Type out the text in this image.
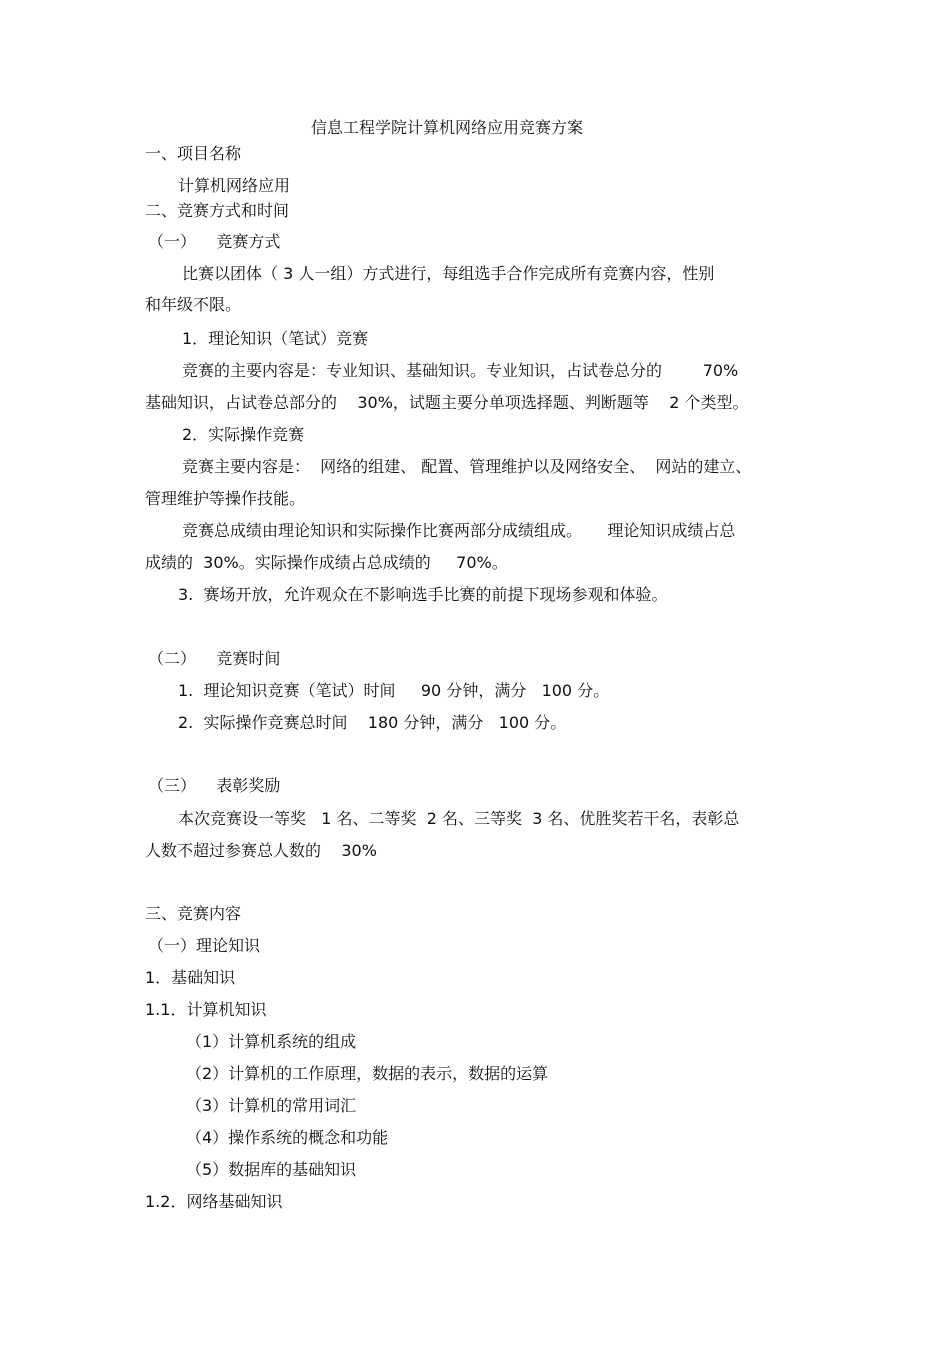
信息工程学院计算机网络应用竞赛方案
一、项目名称
计算机网络应用
二、竞赛方式和时间
（一）    竞赛方式
比赛以团体（ 3 人一组）方式进行，每组选手合作完成所有竞赛内容，性别
和年级不限。
1．理论知识（笔试）竞赛
竞赛的主要内容是：专业知识、基础知识。专业知识，占试卷总分的        70%
基础知识，占试卷总部分的    30%，试题主要分单项选择题、判断题等    2 个类型。
2．实际操作竞赛
竞赛主要内容是：  网络的组建、 配置、管理维护以及网络安全、  网站的建立、
管理维护等操作技能。
竞赛总成绩由理论知识和实际操作比赛两部分成绩组成。     理论知识成绩占总
成绩的  30%。实际操作成绩占总成绩的     70%。
3.  赛场开放，允许观众在不影响选手比赛的前提下现场参观和体验。
（二）    竞赛时间
1.  理论知识竞赛（笔试）时间     90 分钟，满分   100 分。
2.  实际操作竞赛总时间    180 分钟，满分   100 分。
（三）    表彰奖励
本次竞赛设一等奖   1 名、二等奖  2 名、三等奖  3 名、优胜奖若干名，表彰总
人数不超过参赛总人数的    30%
三、竞赛内容
（一）理论知识
1．基础知识
1.1．计算机知识
（1）计算机系统的组成
（2）计算机的工作原理，数据的表示，数据的运算
（3）计算机的常用词汇
（4）操作系统的概念和功能
（5）数据库的基础知识
1.2．网络基础知识
